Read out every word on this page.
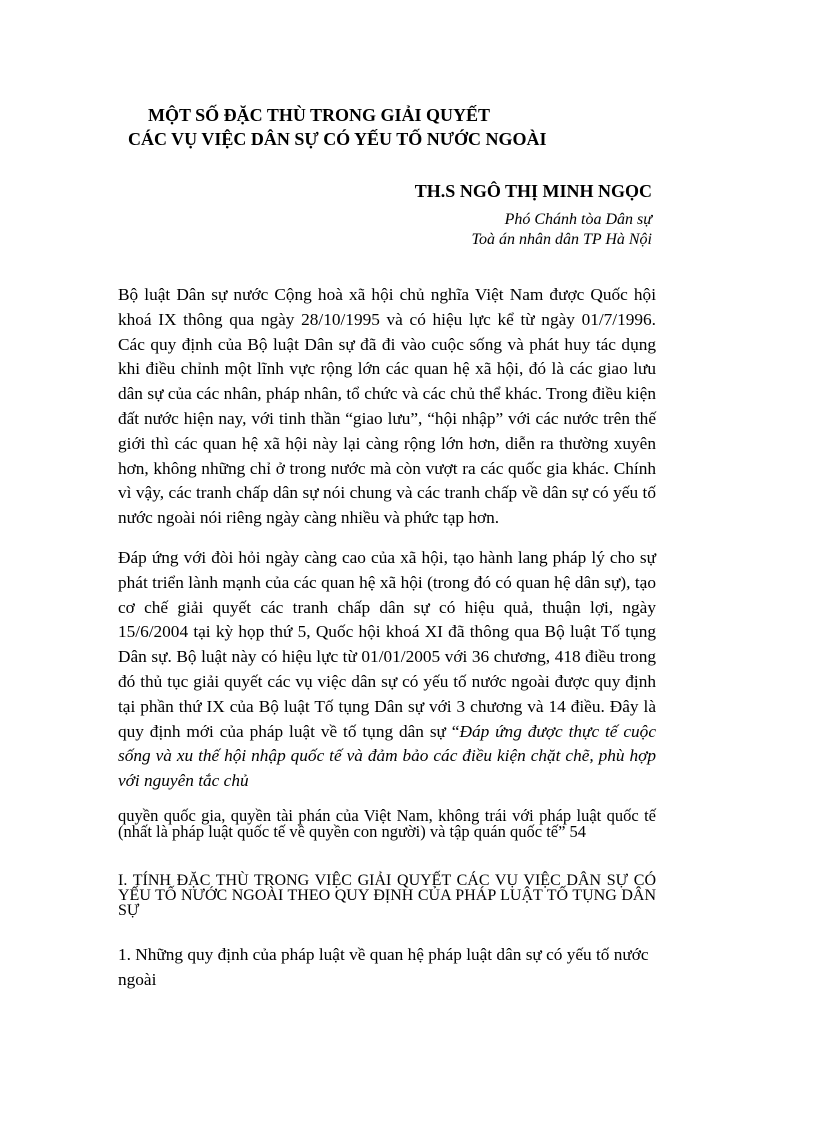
MỘT SỐ ĐẶC THÙ TRONG GIẢI QUYẾT
CÁC VỤ VIỆC DÂN SỰ CÓ YẾU TỐ NƯỚC NGOÀI
TH.S NGÔ THỊ MINH NGỌC
Phó Chánh tòa Dân sự
Toà án nhân dân TP Hà Nội

Bộ luật Dân sự nước Cộng hoà xã hội chủ nghĩa Việt Nam được Quốc hội khoá IX thông qua ngày 28/10/1995 và có hiệu lực kể từ ngày 01/7/1996. Các quy định của Bộ luật Dân sự đã đi vào cuộc sống và phát huy tác dụng khi điều chỉnh một lĩnh vực rộng lớn các quan hệ xã hội, đó là các giao lưu dân sự của các nhân, pháp nhân, tổ chức và các chủ thể khác. Trong điều kiện đất nước hiện nay, với tinh thần “giao lưu”, “hội nhập” với các nước trên thế giới thì các quan hệ xã hội này lại càng rộng lớn hơn, diễn ra thường xuyên hơn, không những chỉ ở trong nước mà còn vượt ra các quốc gia khác. Chính vì vậy, các tranh chấp dân sự nói chung và các tranh chấp về dân sự có yếu tố nước ngoài nói riêng ngày càng nhiều và phức tạp hơn.

Đáp ứng với đòi hỏi ngày càng cao của xã hội, tạo hành lang pháp lý cho sự phát triển lành mạnh của các quan hệ xã hội (trong đó có quan hệ dân sự), tạo cơ chế giải quyết các tranh chấp dân sự có hiệu quả, thuận lợi, ngày 15/6/2004 tại kỳ họp thứ 5, Quốc hội khoá XI đã thông qua Bộ luật Tố tụng Dân sự. Bộ luật này có hiệu lực từ 01/01/2005 với 36 chương, 418 điều trong đó thủ tục giải quyết các vụ việc dân sự có yếu tố nước ngoài được quy định tại phần thứ IX của Bộ luật Tố tụng Dân sự với 3 chương và 14 điều. Đây là quy định mới của pháp luật về tố tụng dân sự “Đáp ứng được thực tế cuộc sống và xu thế hội nhập quốc tế và đảm bảo các điều kiện chặt chẽ, phù hợp với nguyên tắc chủ

quyền quốc gia, quyền tài phán của Việt Nam, không trái với pháp luật quốc tế (nhất là pháp luật quốc tế về quyền con người) và tập quán quốc tế” 54

I. TÍNH ĐẶC THÙ TRONG VIỆC GIẢI QUYẾT CÁC VỤ VIỆC DÂN SỰ CÓ YẾU TỐ NƯỚC NGOÀI THEO QUY ĐỊNH CỦA PHÁP LUẬT TỐ TỤNG DÂN SỰ

1. Những quy định của pháp luật về quan hệ pháp luật dân sự có yếu tố nước ngoài
